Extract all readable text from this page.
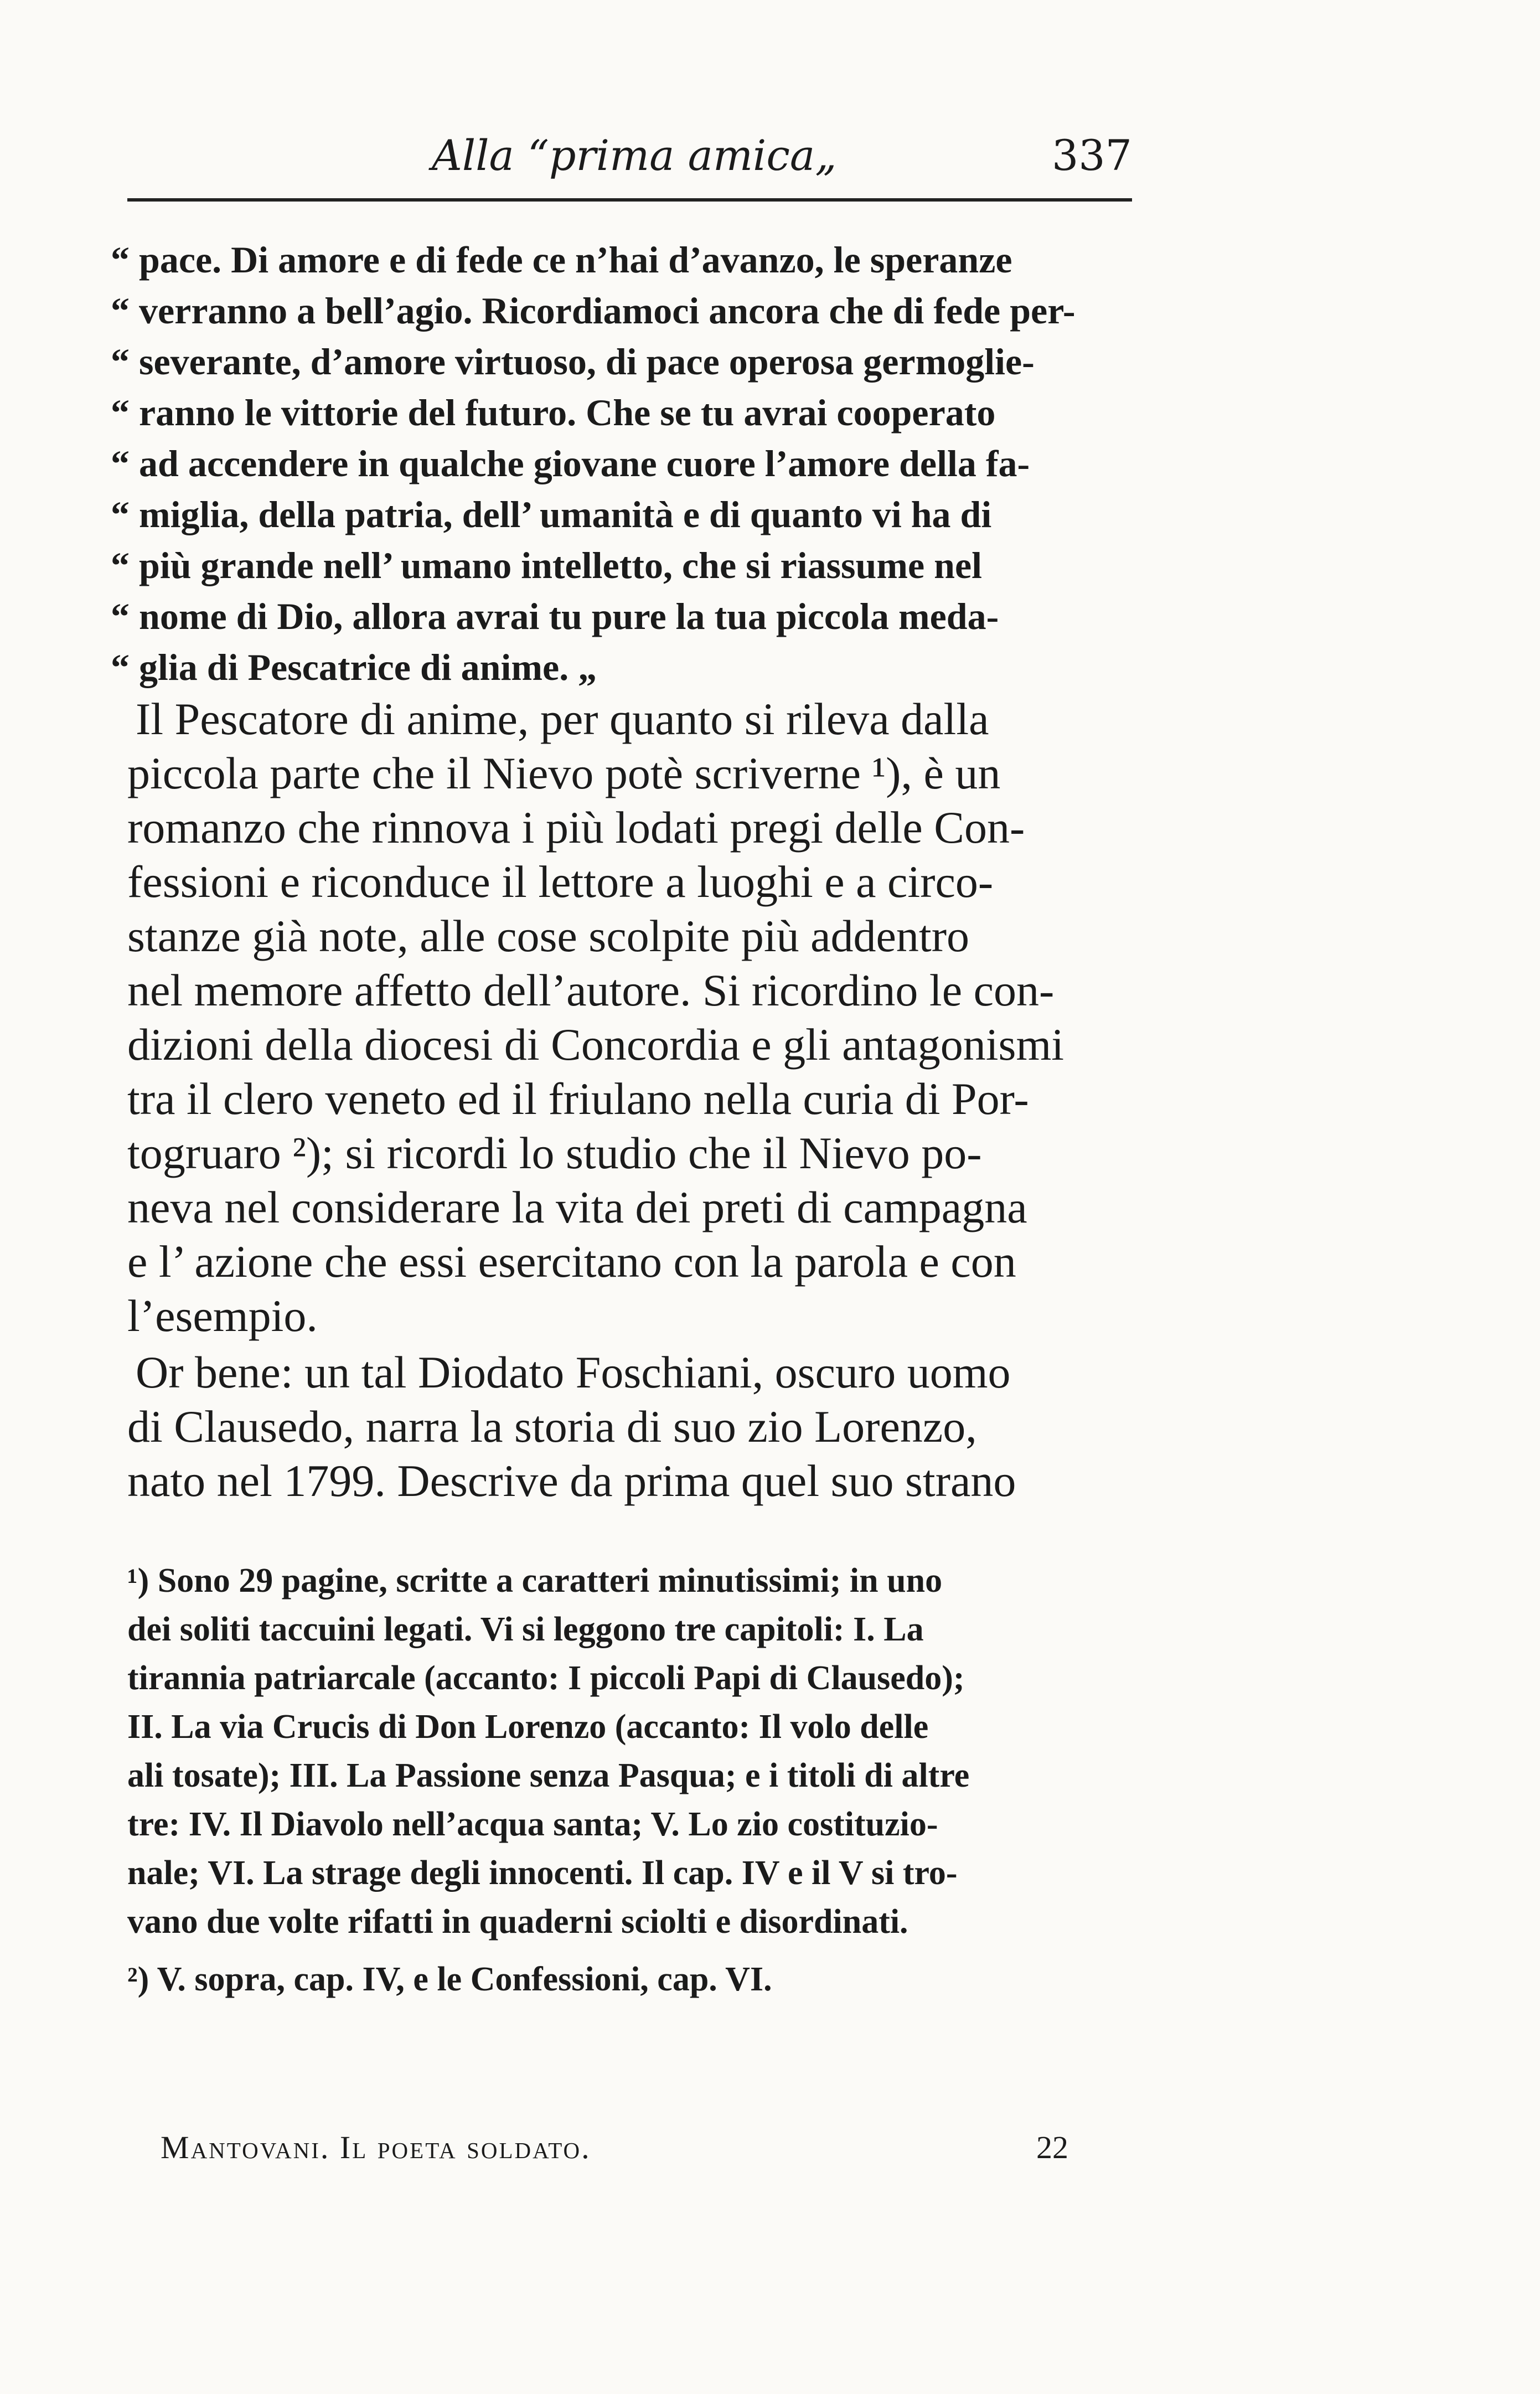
Alla “prima amica„	337
“ pace. Di amore e di fede ce n’hai d’avanzo, le speranze
“ verranno a bell’agio. Ricordiamoci ancora che di fede per-
“ severante, d’amore virtuoso, di pace operosa germoglie-
“ ranno le vittorie del futuro. Che se tu avrai cooperato
“ ad accendere in qualche giovane cuore l’amore della fa-
“ miglia, della patria, dell’ umanità e di quanto vi ha di
“ più grande nell’ umano intelletto, che si riassume nel
“ nome di Dio, allora avrai tu pure la tua piccola meda-
“ glia di Pescatrice di anime. „
Il Pescatore di anime, per quanto si rileva dalla
piccola parte che il Nievo potè scriverne ¹), è un
romanzo che rinnova i più lodati pregi delle Con-
fessioni e riconduce il lettore a luoghi e a circo-
stanze già note, alle cose scolpite più addentro
nel memore affetto dell’autore. Si ricordino le con-
dizioni della diocesi di Concordia e gli antagonismi
tra il clero veneto ed il friulano nella curia di Por-
togruaro ²); si ricordi lo studio che il Nievo po-
neva nel considerare la vita dei preti di campagna
e l’ azione che essi esercitano con la parola e con
l’esempio.
Or bene: un tal Diodato Foschiani, oscuro uomo
di Clausedo, narra la storia di suo zio Lorenzo,
nato nel 1799. Descrive da prima quel suo strano
¹) Sono 29 pagine, scritte a caratteri minutissimi; in uno
dei soliti taccuini legati. Vi si leggono tre capitoli: I. La
tirannia patriarcale (accanto: I piccoli Papi di Clausedo);
II. La via Crucis di Don Lorenzo (accanto: Il volo delle
ali tosate); III. La Passione senza Pasqua; e i titoli di altre
tre: IV. Il Diavolo nell’acqua santa; V. Lo zio costituzio-
nale; VI. La strage degli innocenti. Il cap. IV e il V si tro-
vano due volte rifatti in quaderni sciolti e disordinati.
²) V. sopra, cap. IV, e le Confessioni, cap. VI.
Mantovani. Il poeta soldato.	22
